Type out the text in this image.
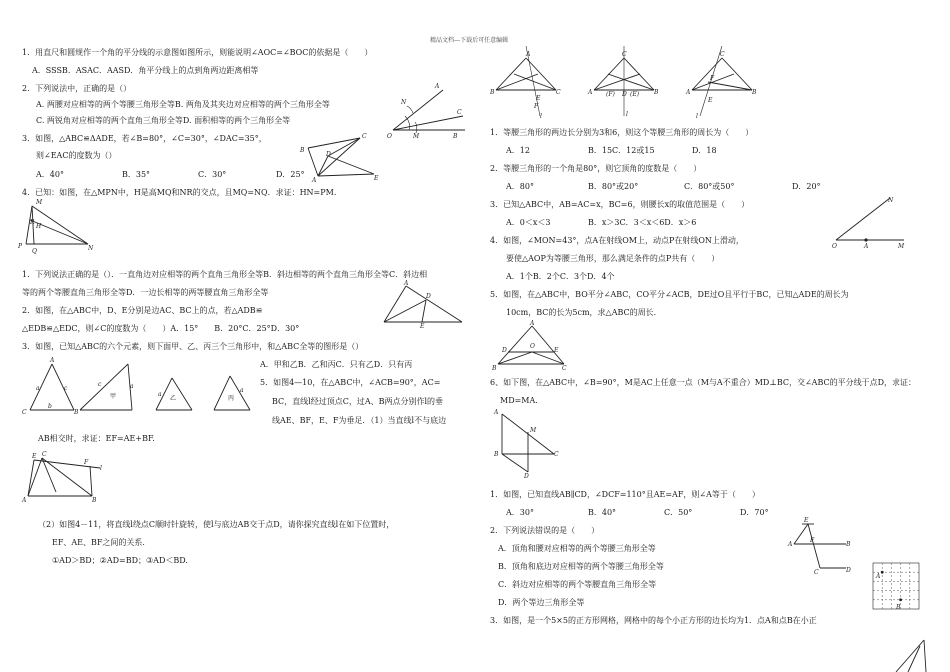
精品文档---下载后可任意编辑
1．用直尺和圆规作一个角的平分线的示意图如图所示，则能说明∠AOC=∠BOC的依据是（　　）
A．SSSB．ASAC．AASD．角平分线上的点到角两边距离相等
2．下列说法中，正确的是（）
A. 两腰对应相等的两个等腰三角形全等B. 两角及其夹边对应相等的两个三角形全等
C. 两锐角对应相等的两个直角三角形全等D. 面积相等的两个三角形全等
3．如图，△ABC≌ΔADE，若∠B=80°，∠C=30°，∠DAC=35°，
则∠EAC的度数为（）
A．40°	B．35°	C．30°	D．25°
4．已知：如图，在△MPN中，H是高MQ和NR的交点，且MQ=NQ．求证：HN=PM.
O	M	B
A
C
N
B
C
D
A	E
M
R
H
P
Q	N
1．下列说法正确的是（）．一直角边对应相等的两个直角三角形全等B．斜边相等的两个直角三角形全等C．斜边相
等的两个等腰直角三角形全等D．一边长相等的两等腰直角三角形全等
2．如图，在△ABC中，D、E分别是边AC、BC上的点，若△ADB≌
△EDB≌△EDC，则∠C的度数为（　　）A．15°　　B．20°C．25°D．30°
A
D
E
3．如图，已知△ABC的六个元素，则下面甲、乙、丙三个三角形中，和△ABC全等的图形是（）
A
C	B
a	c
b
甲
a
c
乙
a
丙
a
A．甲和乙B．乙和丙C．只有乙D．只有丙
5．如图4—10，在△ABC中，∠ACB=90°，AC=
BC，直线l经过顶点C，过A、B两点分别作l的垂
线AE、BF，E、F为垂足．（1）当直线l不与底边
AB相交时，求证：EF=AE+BF.
E C
F
l
A	B
（2）如图4－11，将直线l绕点C顺时针旋转，使l与底边AB交于点D，请你探究直线l在如下位置时，
EF、AE、BF之间的关系．
①AD＞BD；②AD=BD；③AD＜BD.
A
B	C
E
F
l
C
A	B
(F) D (E)
l
C
A	B
F
E
l
1．等腰三角形的两边长分别为3和6，则这个等腰三角形的周长为（　　）
A．12	B．15C．12或15	D．18
2．等腰三角形的一个角是80°，则它顶角的度数是（　　）
A．80°	B．80°或20°	C．80°或50°	D．20°
3．已知△ABC中，AB=AC=x，BC=6，则腰长x的取值范围是（　　）
A．0＜x＜3	B．x＞3C．3＜x＜6D．x＞6
4．如图，∠MON=43°，点A在射线OM上，动点P在射线ON上滑动，
要使△AOP为等腰三角形，那么满足条件的点P共有（　　）
A．1个B．2个C．3个D．4个
O	A	M
N
5．如图，在△ABC中，BO平分∠ABC，CO平分∠ACB，DE过O且平行于BC，已知△ADE的周长为
10cm，BC的长为5cm，求△ABC的周长．
A
D	E
O
B	C
6、如下图，在△ABC中，∠B=90°，M是AC上任意一点（M与A不重合）MD⊥BC，交∠ABC的平分线于点D，求证：
MD=MA.
A
B	C
M
D
1．如图，已知直线AB∥CD，∠DCF=110°且AE=AF，则∠A等于（　　）
A．30°	B．40°	C．50°	D．70°
2．下列说法错误的是（　　）
A．顶角和腰对应相等的两个等腰三角形全等
B．顶角和底边对应相等的两个等腰三角形全等
C．斜边对应相等的两个等腰直角三角形全等
D．两个等边三角形全等
3．如图，是一个5×5的正方形网格，网格中的每个小正方形的边长均为1．点A和点B在小正
E
A
F
B
C	D
A
B
